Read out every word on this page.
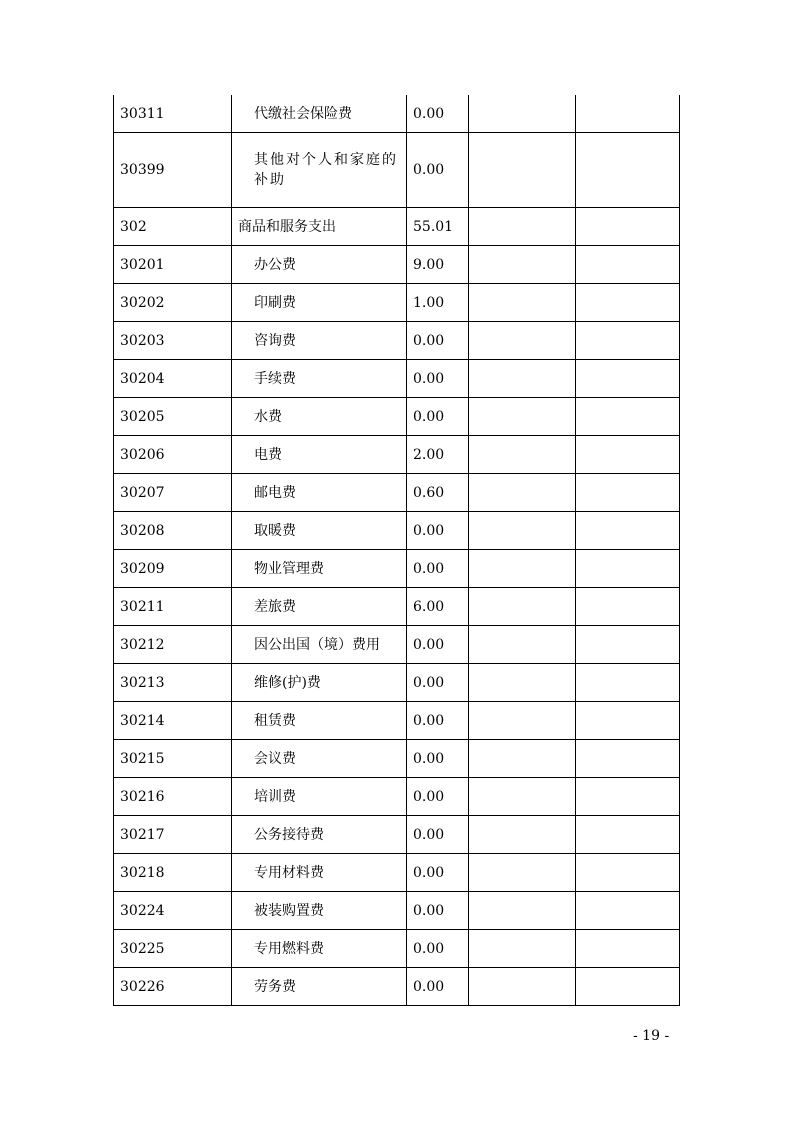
30311	代缴社会保险费	0.00		
30399	其他对个人和家庭的补助	0.00		
302	商品和服务支出	55.01		
30201	办公费	9.00		
30202	印刷费	1.00		
30203	咨询费	0.00		
30204	手续费	0.00		
30205	水费	0.00		
30206	电费	2.00		
30207	邮电费	0.60		
30208	取暖费	0.00		
30209	物业管理费	0.00		
30211	差旅费	6.00		
30212	因公出国（境）费用	0.00		
30213	维修(护)费	0.00		
30214	租赁费	0.00		
30215	会议费	0.00		
30216	培训费	0.00		
30217	公务接待费	0.00		
30218	专用材料费	0.00		
30224	被装购置费	0.00		
30225	专用燃料费	0.00		
30226	劳务费	0.00		
- 19 -
